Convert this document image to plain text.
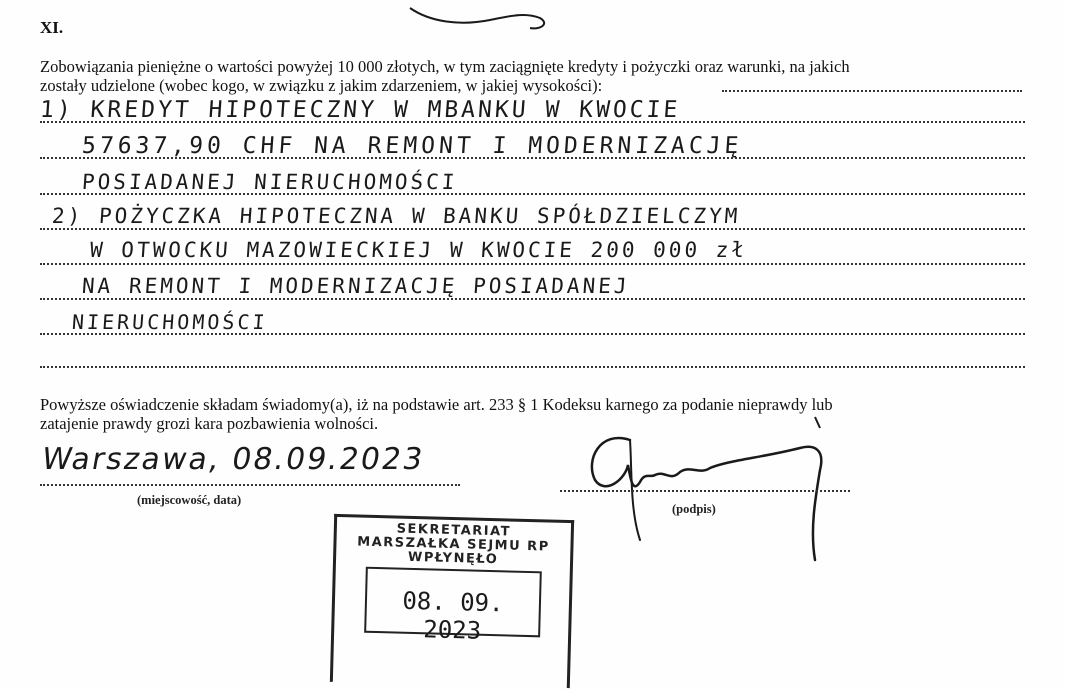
XI.
Zobowiązania pieniężne o wartości powyżej 10 000 złotych, w tym zaciągnięte kredyty i pożyczki oraz warunki, na jakich
zostały udzielone (wobec kogo, w związku z jakim zdarzeniem, w jakiej wysokości):
1) KREDYT HIPOTECZNY W MBANKU W KWOCIE
57637,90 CHF NA REMONT I MODERNIZACJĘ
POSIADANEJ NIERUCHOMOŚCI
2) POŻYCZKA HIPOTECZNA W BANKU SPÓŁDZIELCZYM
W OTWOCKU MAZOWIECKIEJ W KWOCIE 200 000 zł
NA REMONT I MODERNIZACJĘ POSIADANEJ
NIERUCHOMOŚCI
Powyższe oświadczenie składam świadomy(a), iż na podstawie art. 233 § 1 Kodeksu karnego za podanie nieprawdy lub
zatajenie prawdy grozi kara pozbawienia wolności.
Warszawa, 08.09.2023
(miejscowość, data)
(podpis)
SEKRETARIAT
MARSZAŁKA SEJMU RP
WPŁYNĘŁO
08. 09. 2023
